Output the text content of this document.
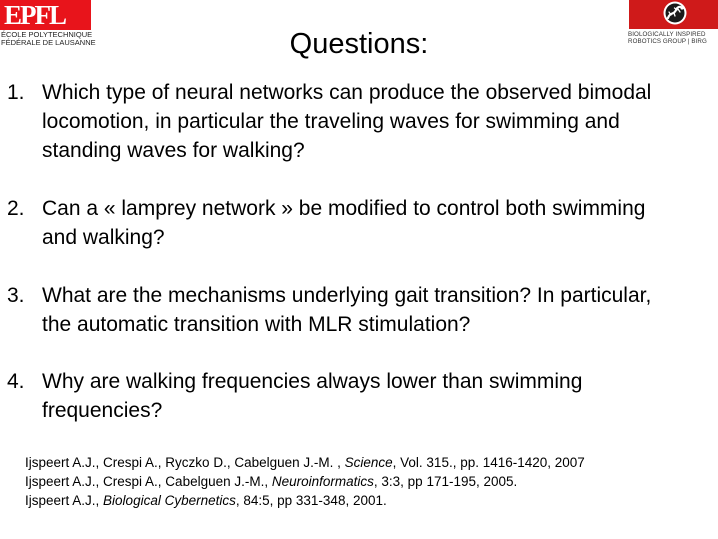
EPFL
ÉCOLE POLYTECHNIQUE
FÉDÉRALE DE LAUSANNE
BIOLOGICALLY INSPIRED
ROBOTICS GROUP | BIRG
Questions:
1. Which type of neural networks can produce the observed bimodal locomotion, in particular the traveling waves for swimming and standing waves for walking?
2. Can a « lamprey network » be modified to control both swimming and walking?
3. What are the mechanisms underlying gait transition? In particular, the automatic transition with MLR stimulation?
4. Why are walking frequencies always lower than swimming frequencies?
Ijspeert A.J., Crespi A., Ryczko D., Cabelguen J.-M. , Science, Vol. 315., pp. 1416-1420, 2007
Ijspeert A.J., Crespi A., Cabelguen J.-M., Neuroinformatics, 3:3, pp 171-195, 2005.
Ijspeert A.J., Biological Cybernetics, 84:5, pp 331-348, 2001.
